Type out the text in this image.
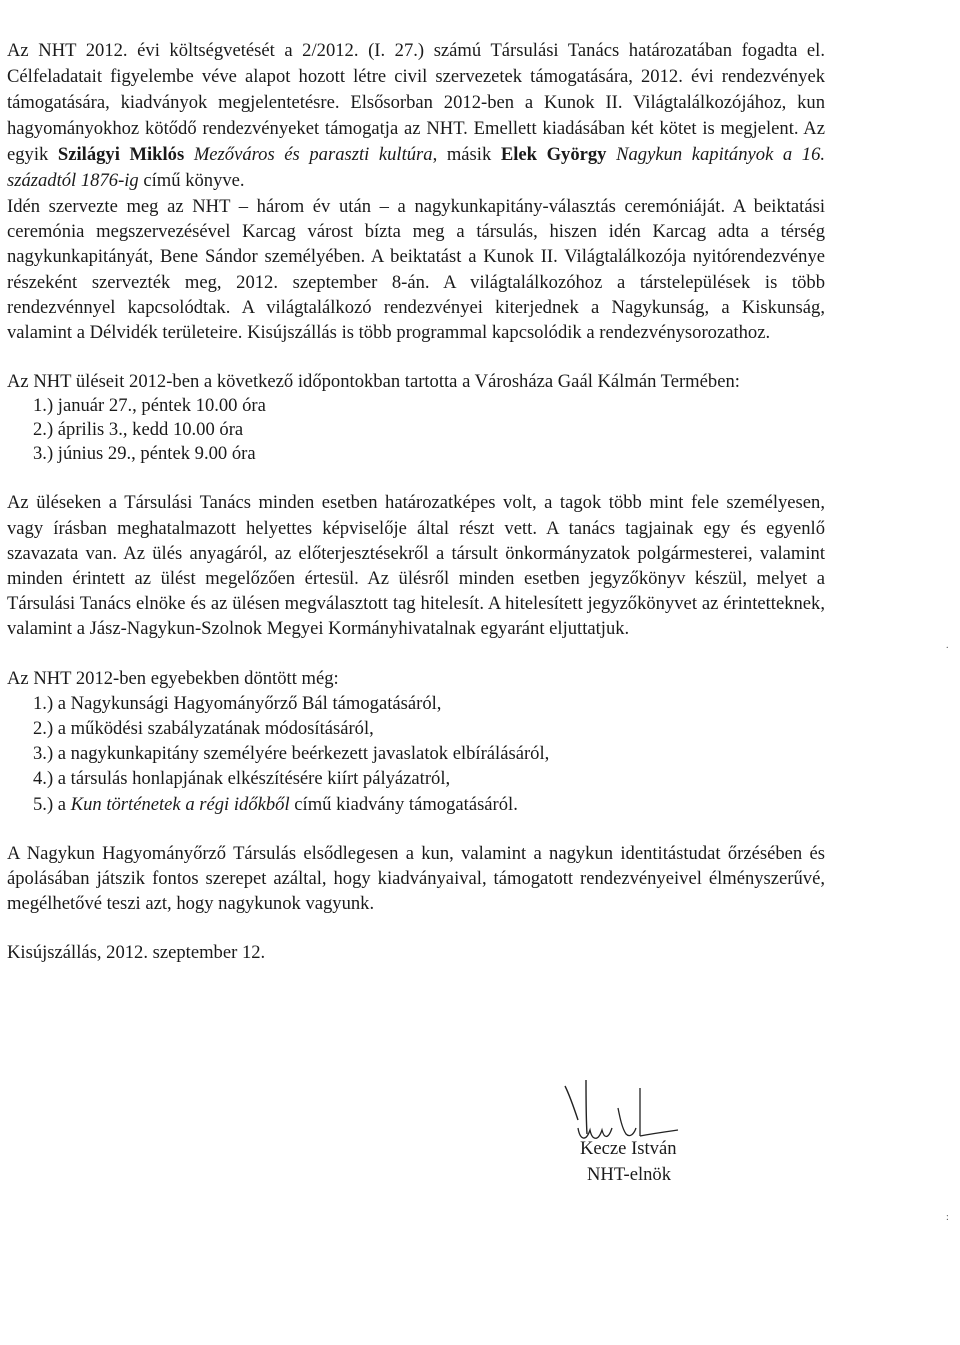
Az NHT 2012. évi költségvetését a 2/2012. (I. 27.) számú Társulási Tanács határozatában fogadta el. Célfeladatait figyelembe véve alapot hozott létre civil szervezetek támogatására, 2012. évi rendezvények támogatására, kiadványok megjelentetésre. Elsősorban 2012-ben a Kunok II. Világtalálkozójához, kun hagyományokhoz kötődő rendezvényeket támogatja az NHT. Emellett kiadásában két kötet is megjelent. Az egyik Szilágyi Miklós Mezőváros és paraszti kultúra, másik Elek György Nagykun kapitányok a 16. századtól 1876-ig című könyve.

Idén szervezte meg az NHT – három év után – a nagykunkapitány-választás ceremóniáját. A beiktatási ceremónia megszervezésével Karcag várost bízta meg a társulás, hiszen idén Karcag adta a térség nagykunkapitányát, Bene Sándor személyében. A beiktatást a Kunok II. Világtalálkozója nyitórendezvénye részeként szervezték meg, 2012. szeptember 8-án. A világtalálkozóhoz a társtelepülések is több rendezvénnyel kapcsolódtak. A világtalálkozó rendezvényei kiterjednek a Nagykunság, a Kiskunság, valamint a Délvidék területeire. Kisújszállás is több programmal kapcsolódik a rendezvénysorozathoz.

Az NHT üléseit 2012-ben a következő időpontokban tartotta a Városháza Gaál Kálmán Termében:

1.) január 27., péntek 10.00 óra
2.) április 3., kedd 10.00 óra
3.) június 29., péntek 9.00 óra

Az üléseken a Társulási Tanács minden esetben határozatképes volt, a tagok több mint fele személyesen, vagy írásban meghatalmazott helyettes képviselője által részt vett. A tanács tagjainak egy és egyenlő szavazata van. Az ülés anyagáról, az előterjesztésekről a társult önkormányzatok polgármesterei, valamint minden érintett az ülést megelőzően értesül. Az ülésről minden esetben jegyzőkönyv készül, melyet a Társulási Tanács elnöke és az ülésen megválasztott tag hitelesít. A hitelesített jegyzőkönyvet az érintetteknek, valamint a Jász-Nagykun-Szolnok Megyei Kormányhivatalnak egyaránt eljuttatjuk.

Az NHT 2012-ben egyebekben döntött még:

1.) a Nagykunsági Hagyományőrző Bál támogatásáról,
2.) a működési szabályzatának módosításáról,
3.) a nagykunkapitány személyére beérkezett javaslatok elbírálásáról,
4.) a társulás honlapjának elkészítésére kiírt pályázatról,
5.) a Kun történetek a régi időkből című kiadvány támogatásáról.

A Nagykun Hagyományőrző Társulás elsődlegesen a kun, valamint a nagykun identitástudat őrzésében és ápolásában játszik fontos szerepet azáltal, hogy kiadványaival, támogatott rendezvényeivel élményszerűvé, megélhetővé teszi azt, hogy nagykunok vagyunk.

Kisújszállás, 2012. szeptember 12.

Kecze István
NHT-elnök
.
:
